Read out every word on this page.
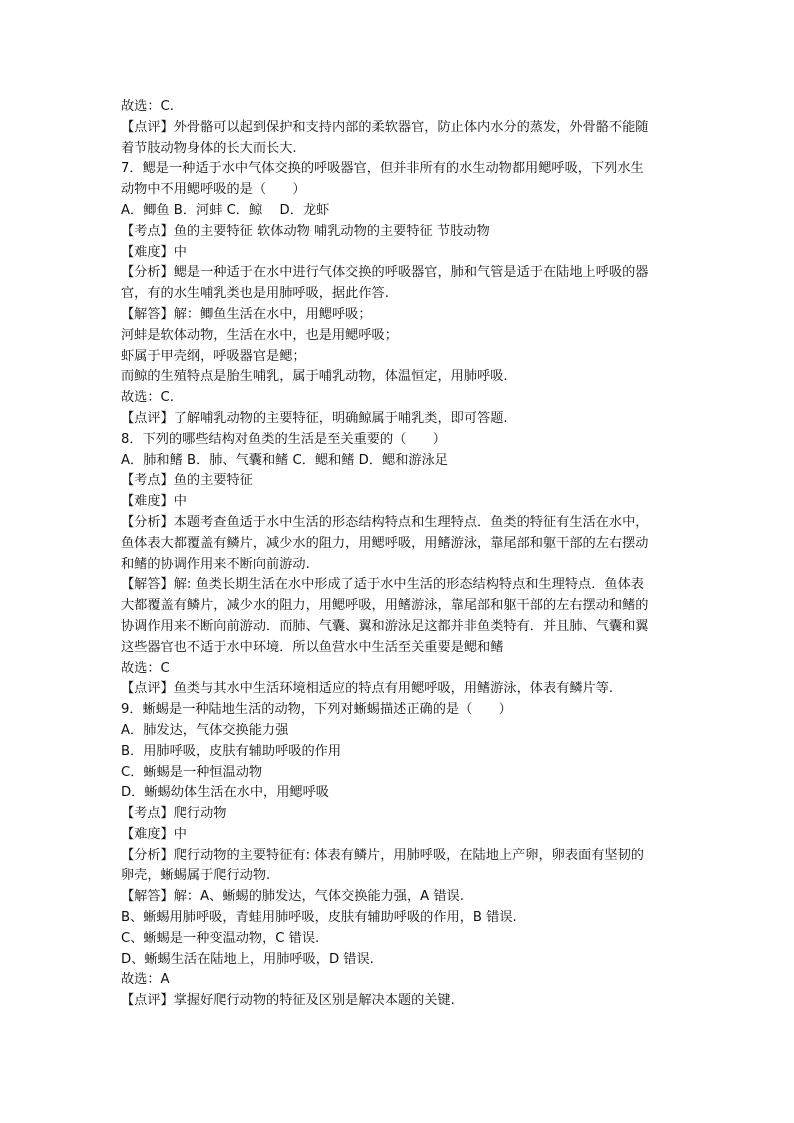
故选：C.
【点评】外骨骼可以起到保护和支持内部的柔软器官，防止体内水分的蒸发，外骨骼不能随
着节肢动物身体的长大而长大.
7．鳃是一种适于水中气体交换的呼吸器官，但并非所有的水生动物都用鳃呼吸，下列水生
动物中不用鳃呼吸的是（　　）
A．鲫鱼 B．河蚌 C．鲸　 D．龙虾
【考点】鱼的主要特征 软体动物 哺乳动物的主要特征 节肢动物
【难度】中
【分析】鳃是一种适于在水中进行气体交换的呼吸器官，肺和气管是适于在陆地上呼吸的器
官，有的水生哺乳类也是用肺呼吸，据此作答.
【解答】解：鲫鱼生活在水中，用鳃呼吸；
河蚌是软体动物，生活在水中，也是用鳃呼吸；
虾属于甲壳纲，呼吸器官是鳃；
而鲸的生殖特点是胎生哺乳，属于哺乳动物，体温恒定，用肺呼吸.
故选：C.
【点评】了解哺乳动物的主要特征，明确鲸属于哺乳类，即可答题.
8．下列的哪些结构对鱼类的生活是至关重要的（　　）
A．肺和鳍 B．肺、气囊和鳍 C．鳃和鳍 D．鳃和游泳足
【考点】鱼的主要特征
【难度】中
【分析】本题考查鱼适于水中生活的形态结构特点和生理特点．鱼类的特征有生活在水中，
鱼体表大都覆盖有鳞片，减少水的阻力，用鳃呼吸，用鳍游泳，靠尾部和躯干部的左右摆动
和鳍的协调作用来不断向前游动.
【解答】解: 鱼类长期生活在水中形成了适于水中生活的形态结构特点和生理特点．鱼体表
大都覆盖有鳞片，减少水的阻力，用鳃呼吸，用鳍游泳，靠尾部和躯干部的左右摆动和鳍的
协调作用来不断向前游动．而肺、气囊、翼和游泳足这都并非鱼类特有．并且肺、气囊和翼
这些器官也不适于水中环境．所以鱼营水中生活至关重要是鳃和鳍
故选：C
【点评】鱼类与其水中生活环境相适应的特点有用鳃呼吸，用鳍游泳，体表有鳞片等.
9．蜥蜴是一种陆地生活的动物，下列对蜥蜴描述正确的是（　　）
A．肺发达，气体交换能力强
B．用肺呼吸，皮肤有辅助呼吸的作用
C．蜥蜴是一种恒温动物
D．蜥蜴幼体生活在水中，用鳃呼吸
【考点】爬行动物
【难度】中
【分析】爬行动物的主要特征有: 体表有鳞片，用肺呼吸，在陆地上产卵，卵表面有坚韧的
卵壳，蜥蜴属于爬行动物.
【解答】解：A、蜥蜴的肺发达，气体交换能力强，A 错误.
B、蜥蜴用肺呼吸，青蛙用肺呼吸，皮肤有辅助呼吸的作用，B 错误.
C、蜥蜴是一种变温动物，C 错误.
D、蜥蜴生活在陆地上，用肺呼吸，D 错误.
故选：A
【点评】掌握好爬行动物的特征及区别是解决本题的关键.
